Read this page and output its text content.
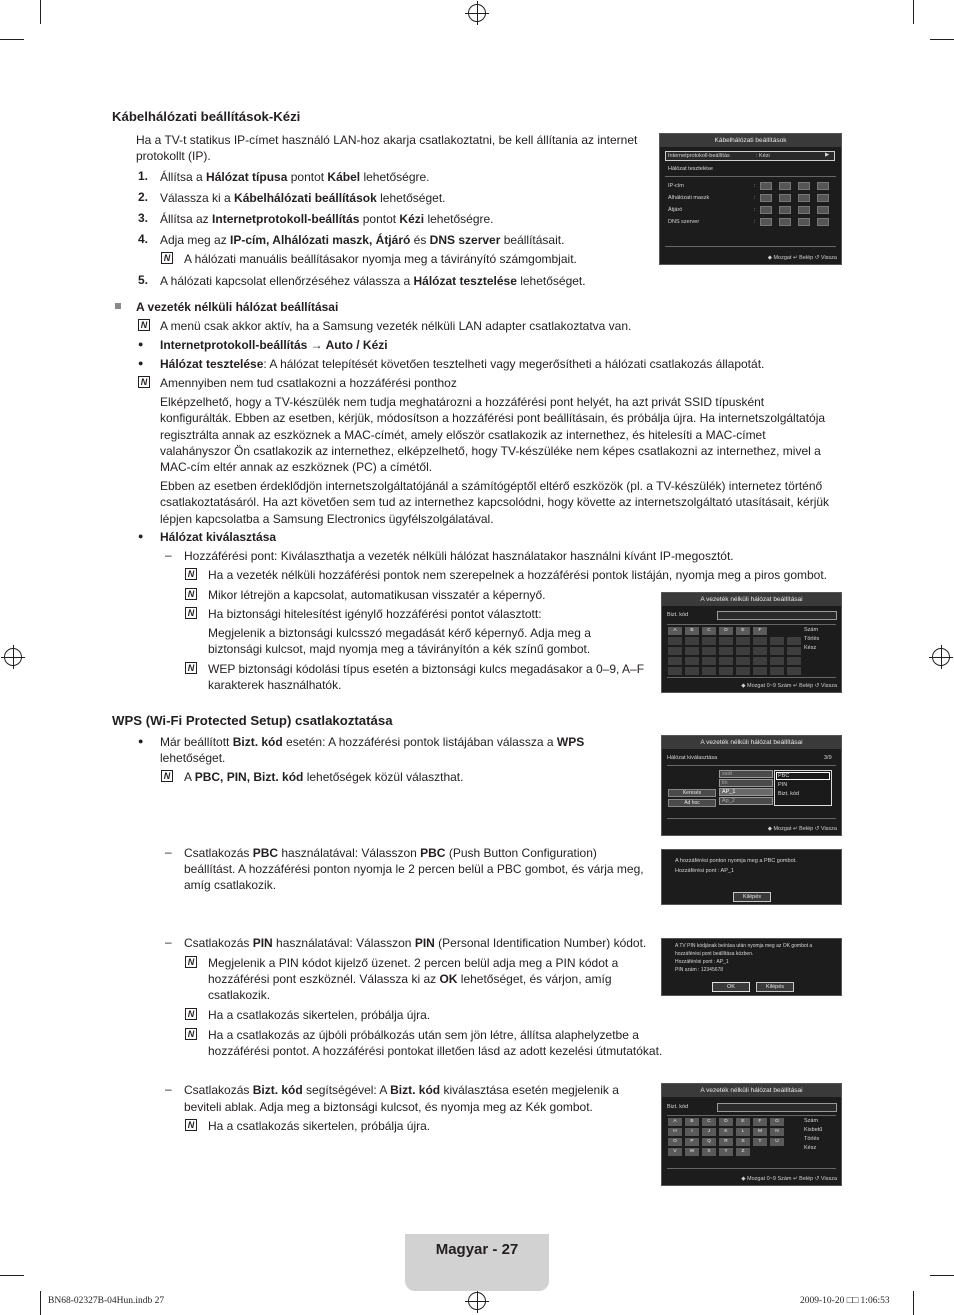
Kábelhálózati beállítások-Kézi
Ha a TV-t statikus IP-címet használó LAN-hoz akarja csatlakoztatni, be kell állítania az internet
protokollt (IP).
1. Állítsa a Hálózat típusa pontot Kábel lehetőségre.
2. Válassza ki a Kábelhálózati beállítások lehetőséget.
3. Állítsa az Internetprotokoll-beállítás pontot Kézi lehetőségre.
4. Adja meg az IP-cím, Alhálózati maszk, Átjáró és DNS szerver beállításait.
5. A hálózati kapcsolat ellenőrzéséhez válassza a Hálózat tesztelése lehetőséget.
N A hálózati manuális beállításakor nyomja meg a távirányító számgombjait.
Kábelhálózati beállítások
Internetprotokoll-beállítás	: Kézi	▶
Hálózat tesztelése
IP-cím	:
Alhálózati maszk	:
Átjáró	:
DNS szerver	:
◆ Mozgat ↵ Belép ↺ Vissza
A vezeték nélküli hálózat beállításai
N A menü csak akkor aktív, ha a Samsung vezeték nélküli LAN adapter csatlakoztatva van.
● Internetprotokoll-beállítás → Auto / Kézi
● Hálózat tesztelése: A hálózat telepítését követően tesztelheti vagy megerősítheti a hálózati csatlakozás állapotát.
N Amennyiben nem tud csatlakozni a hozzáférési ponthoz
Elképzelhető, hogy a TV-készülék nem tudja meghatározni a hozzáférési pont helyét, ha azt privát SSID típusként
konfigurálták. Ebben az esetben, kérjük, módosítson a hozzáférési pont beállításain, és próbálja újra. Ha internetszolgáltatója
regisztrálta annak az eszköznek a MAC-címét, amely először csatlakozik az internethez, és hitelesíti a MAC-címet
valahányszor Ön csatlakozik az internethez, elképzelhető, hogy TV-készüléke nem képes csatlakozni az internethez, mivel a
MAC-cím eltér annak az eszköznek (PC) a címétől.
Ebben az esetben érdeklődjön internetszolgáltatójánál a számítógéptől eltérő eszközök (pl. a TV-készülék) internetez történő
csatlakoztatásáról. Ha azt követően sem tud az internethez kapcsolódni, hogy követte az internetszolgáltató utasításait, kérjük
lépjen kapcsolatba a Samsung Electronics ügyfélszolgálatával.
● Hálózat kiválasztása
– Hozzáférési pont: Kiválaszthatja a vezeték nélküli hálózat használatakor használni kívánt IP-megosztót.
N Ha a vezeték nélküli hozzáférési pontok nem szerepelnek a hozzáférési pontok listáján, nyomja meg a piros gombot.
N Mikor létrejön a kapcsolat, automatikusan visszatér a képernyő.
N Ha biztonsági hitelesítést igénylő hozzáférési pontot választott:
Megjelenik a biztonsági kulcsszó megadását kérő képernyő. Adja meg a
biztonsági kulcsot, majd nyomja meg a távirányítón a kék színű gombot.
N WEP biztonsági kódolási típus esetén a biztonsági kulcs megadásakor a 0–9, A–F
karakterek használhatók.
A vezeték nélküli hálózat beállításai
Bizt. kód
A	B	C	D	E	F	Szám
Törlés
Kész
◆ Mozgat 0~9 Szám ↵ Belép ↺ Vissza
WPS (Wi-Fi Protected Setup) csatlakoztatása
● Már beállított Bizt. kód esetén: A hozzáférési pontok listájában válassza a WPS
lehetőséget.
N A PBC, PIN, Bizt. kód lehetőségek közül választhat.
A vezeték nélküli hálózat beállításai
Hálózat kiválasztása	3/9
ssid
lin
AP_1
Ap_2
PBC
PIN
Bizt. kód
Keresés
Ad hoc
◆ Mozgat ↵ Belép ↺ Vissza
– Csatlakozás PBC használatával: Válasszon PBC (Push Button Configuration)
beállítást. A hozzáférési ponton nyomja le 2 percen belül a PBC gombot, és várja meg,
amíg csatlakozik.
A hozzáférési ponton nyomja meg a PBC gombot.
Hozzáférési pont : AP_1
Kilépés
– Csatlakozás PIN használatával: Válasszon PIN (Personal Identification Number) kódot.
N Megjelenik a PIN kódot kijelző üzenet. 2 percen belül adja meg a PIN kódot a
hozzáférési pont eszköznél. Válassza ki az OK lehetőséget, és várjon, amíg
csatlakozik.
N Ha a csatlakozás sikertelen, próbálja újra.
N Ha a csatlakozás az újbóli próbálkozás után sem jön létre, állítsa alaphelyzetbe a
hozzáférési pontot. A hozzáférési pontokat illetően lásd az adott kezelési útmutatókat.
A TV PIN kódjának beírása után nyomja meg az OK gombot a
hozzáférési pont beállítása közben.
Hozzáférési pont : AP_1
PIN szám : 12345678
OK	Kilépés
– Csatlakozás Bizt. kód segítségével: A Bizt. kód kiválasztása esetén megjelenik a
beviteli ablak. Adja meg a biztonsági kulcsot, és nyomja meg az Kék gombot.
N Ha a csatlakozás sikertelen, próbálja újra.
A vezeték nélküli hálózat beállításai
Bizt. kód
A	B	C	D	E	F	G
H	I	J	K	L	M	N
O	P	Q	R	S	T	U
V	W	X	Y	Z
Szám
Kisbetű
Törlés
Kész
◆ Mozgat 0~9 Szám ↵ Belép ↺ Vissza
Magyar - 27
BN68-02327B-04Hun.indb 27	2009-10-20 □□ 1:06:53
